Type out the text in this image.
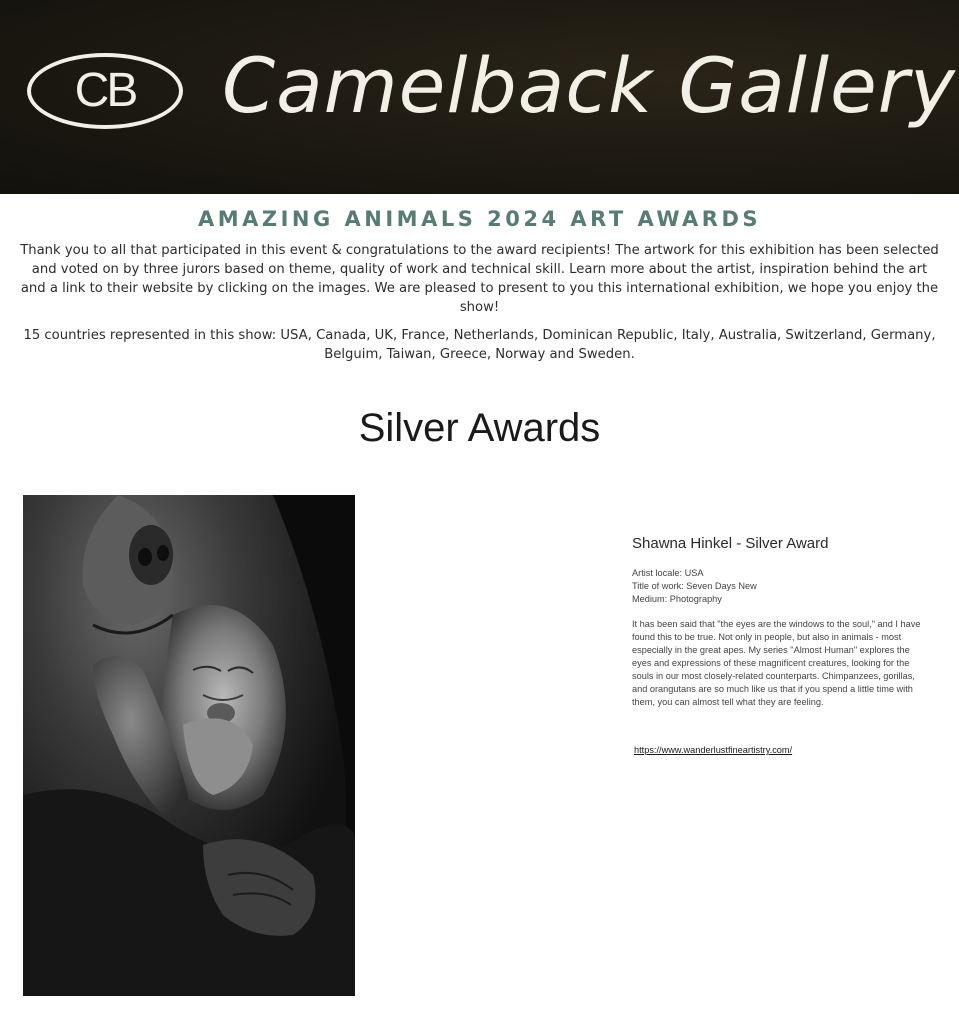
CB Camelback Gallery
AMAZING ANIMALS 2024 ART AWARDS

Thank you to all that participated in this event & congratulations to the award recipients! The artwork for this exhibition has been selected and voted on by three jurors based on theme, quality of work and technical skill. Learn more about the artist, inspiration behind the art and a link to their website by clicking on the images. We are pleased to present to you this international exhibition, we hope you enjoy the show!

15 countries represented in this show: USA, Canada, UK, France, Netherlands, Dominican Republic, Italy, Australia, Switzerland, Germany, Belguim, Taiwan, Greece, Norway and Sweden.

Silver Awards
Shawna Hinkel - Silver Award
Artist locale: USA
Title of work: Seven Days New
Medium: Photography

It has been said that "the eyes are the windows to the soul," and I have found this to be true. Not only in people, but also in animals - most especially in the great apes. My series "Almost Human" explores the eyes and expressions of these magnificent creatures, looking for the souls in our most closely-related counterparts. Chimpanzees, gorillas, and orangutans are so much like us that if you spend a little time with them, you can almost tell what they are feeling.

https://www.wanderlustfineartistry.com/
